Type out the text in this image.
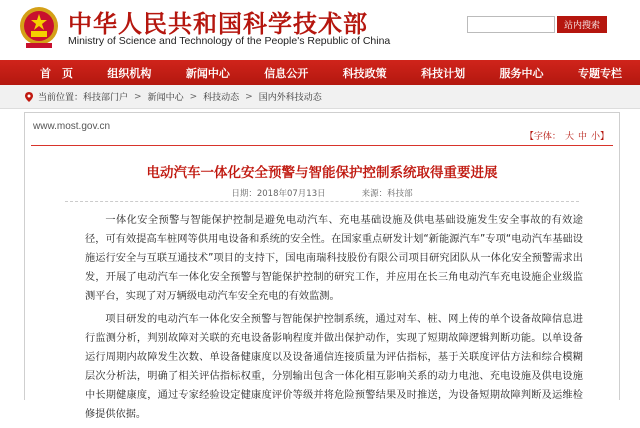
中华人民共和国科学技术部
Ministry of Science and Technology of the People's Republic of China
站内搜索
首　页	组织机构	新闻中心	信息公开	科技政策	科技计划	服务中心	专题专栏
当前位置： 科技部门户 > 新闻中心 > 科技动态 > 国内外科技动态
www.most.gov.cn
【字体： 大 中 小】
电动汽车一体化安全预警与智能保护控制系统取得重要进展
日期：2018年07月13日	来源：科技部

一体化安全预警与智能保护控制是避免电动汽车、充电基础设施及供电基础设施发生安全事故的有效途径，可有效提高车桩网等供用电设备和系统的安全性。在国家重点研发计划“新能源汽车”专项“电动汽车基础设施运行安全与互联互通技术”项目的支持下，国电南瑞科技股份有限公司项目研究团队从一体化安全预警需求出发，开展了电动汽车一体化安全预警与智能保护控制的研究工作，并应用在长三角电动汽车充电设施企业级监测平台，实现了对万辆级电动汽车安全充电的有效监测。

项目研发的电动汽车一体化安全预警与智能保护控制系统，通过对车、桩、网上传的单个设备故障信息进行监测分析，判别故障对关联的充电设备影响程度并做出保护动作，实现了短期故障逻辑判断功能。以单设备运行周期内故障发生次数、单设备健康度以及设备通信连接质量为评估指标，基于关联度评估方法和综合模糊层次分析法，明确了相关评估指标权重，分别输出包含一体化相互影响关系的动力电池、充电设施及供电设施中长期健康度，通过专家经验设定健康度评价等级并将危险预警结果及时推送，为设备短期故障判断及运维检修提供依据。
